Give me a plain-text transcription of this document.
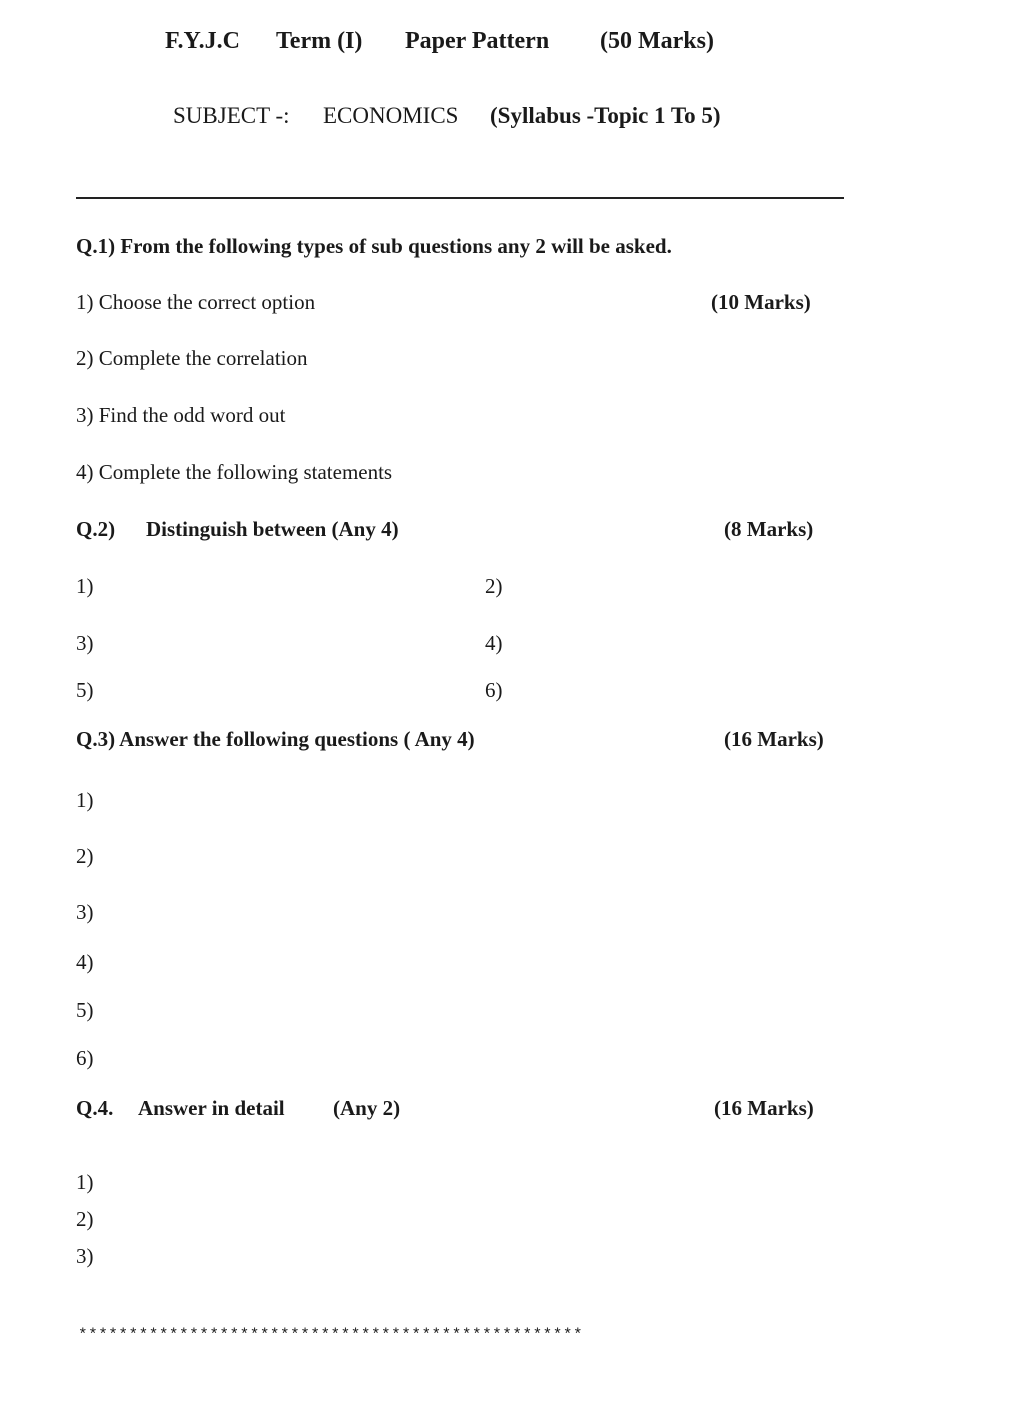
F.Y.J.C Term (I) Paper Pattern (50 Marks)
SUBJECT -: ECONOMICS (Syllabus -Topic 1 To 5)
Q.1) From the following types of sub questions any 2 will be asked.
(10 Marks)
1) Choose the correct option
2) Complete the correlation
3) Find the odd word out
4) Complete the following statements
Q.2) Distinguish between (Any 4)	(8 Marks)
1)	2)
3)	4)
5)	6)
Q.3) Answer the following questions ( Any 4)	(16 Marks)
1)
2)
3)
4)
5)
6)
Q.4. Answer in detail (Any 2)	(16 Marks)
1)
2)
3)
**************************************************
